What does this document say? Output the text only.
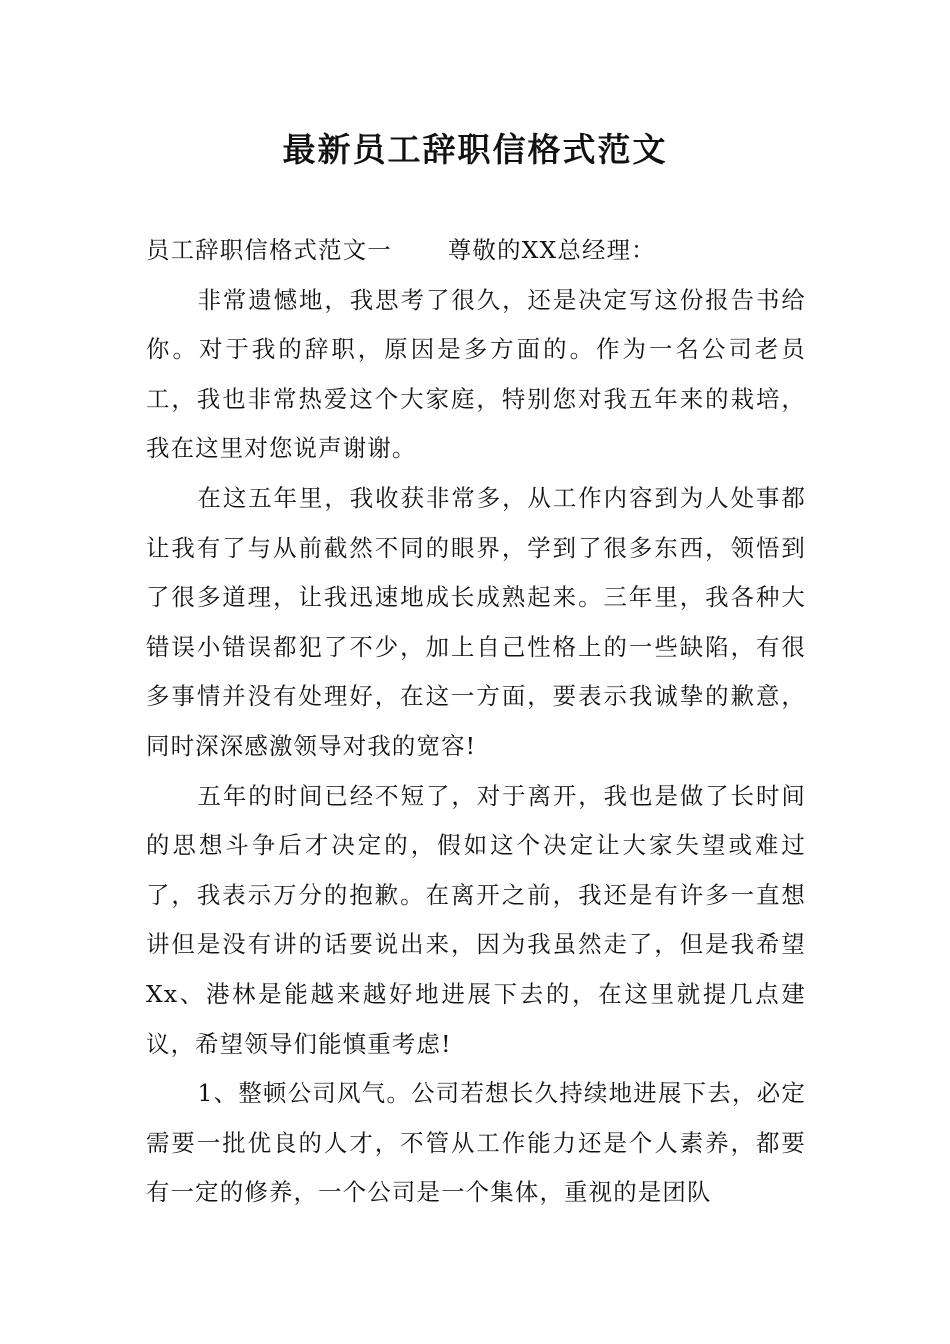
最新员工辞职信格式范文

员工辞职信格式范文一 尊敬的XX总经理：

非常遗憾地，我思考了很久，还是决定写这份报告书给你。对于我的辞职，原因是多方面的。作为一名公司老员工，我也非常热爱这个大家庭，特别您对我五年来的栽培，我在这里对您说声谢谢。

在这五年里，我收获非常多，从工作内容到为人处事都让我有了与从前截然不同的眼界，学到了很多东西，领悟到了很多道理，让我迅速地成长成熟起来。三年里，我各种大错误小错误都犯了不少，加上自己性格上的一些缺陷，有很多事情并没有处理好，在这一方面，要表示我诚挚的歉意，同时深深感激领导对我的宽容!

五年的时间已经不短了，对于离开，我也是做了长时间的思想斗争后才决定的，假如这个决定让大家失望或难过了，我表示万分的抱歉。在离开之前，我还是有许多一直想讲但是没有讲的话要说出来，因为我虽然走了，但是我希望Xx、港林是能越来越好地进展下去的，在这里就提几点建议，希望领导们能慎重考虑!

1、整顿公司风气。公司若想长久持续地进展下去，必定需要一批优良的人才，不管从工作能力还是个人素养，都要有一定的修养，一个公司是一个集体，重视的是团队
